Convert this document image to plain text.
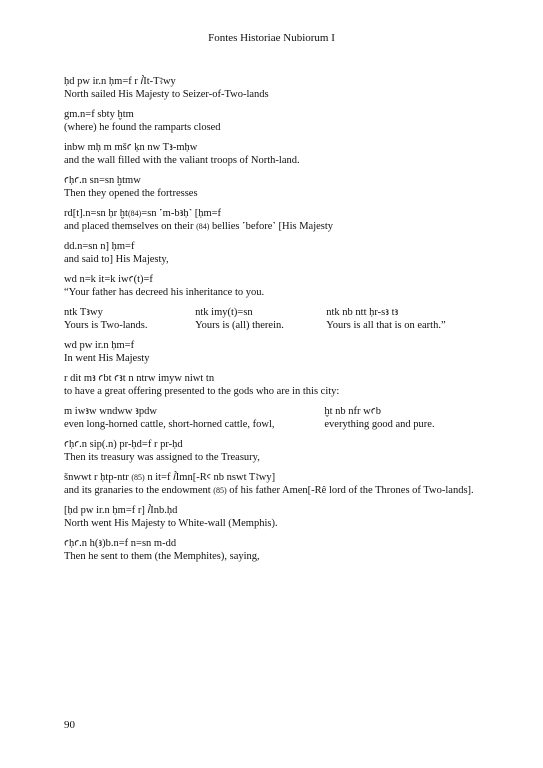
Fontes Historiae Nubiorum I
ḥd pw ir.n ḥm=f r ꞽIt-Tꜣwy
North sailed His Majesty to Seizer-of-Two-lands
gm.n=f sbty ḫtm
(where) he found the ramparts closed
inbw mḥ m mšꜥ ḳn nw Tꜣ-mḥw
and the wall filled with the valiant troops of North-land.
ꜥḥꜥ.n sn=sn ḫtmw
Then they opened the fortresses
rd[t].n=sn ḥr ḫt(84)=sn ˹m-bꜣḥ˺ [ḥm=f
and placed themselves on their (84) bellies ˹before˺ [His Majesty
dd.n=sn n] ḥm=f
and said to] His Majesty,
wd n=k it=k iwꜥ(t)=f
“Your father has decreed his inheritance to you.
ntk Tꜣwy	ntk imy(t)=sn	ntk nb ntt ḥr-sꜣ tꜣ
Yours is Two-lands.	Yours is (all) therein.	Yours is all that is on earth.”
wd pw ir.n ḥm=f
In went His Majesty
r dit mꜣ ꜥbt ꜥꜣt n ntrw imyw niwt tn
to have a great offering presented to the gods who are in this city:
m iwꜣw wndww ꜣpdw	ḫt nb nfr wꜥb
even long-horned cattle, short-horned cattle, fowl,	everything good and pure.
ꜥḥꜥ.n sip(.n) pr-ḥd=f r pr-ḥd
Then its treasury was assigned to the Treasury,
šnwwt r ḥtp-ntr (85) n it=f ꞽImn[-Rꜥ nb nswt Tꜣwy]
and its granaries to the endowment (85) of his father Amen[-Rê lord of the Thrones of Two-lands].
[ḥd pw ir.n ḥm=f r] ꞽInb.ḥd
North went His Majesty to White-wall (Memphis).
ꜥḥꜥ.n h(ꜣ)b.n=f n=sn m-dd
Then he sent to them (the Memphites), saying,
90
